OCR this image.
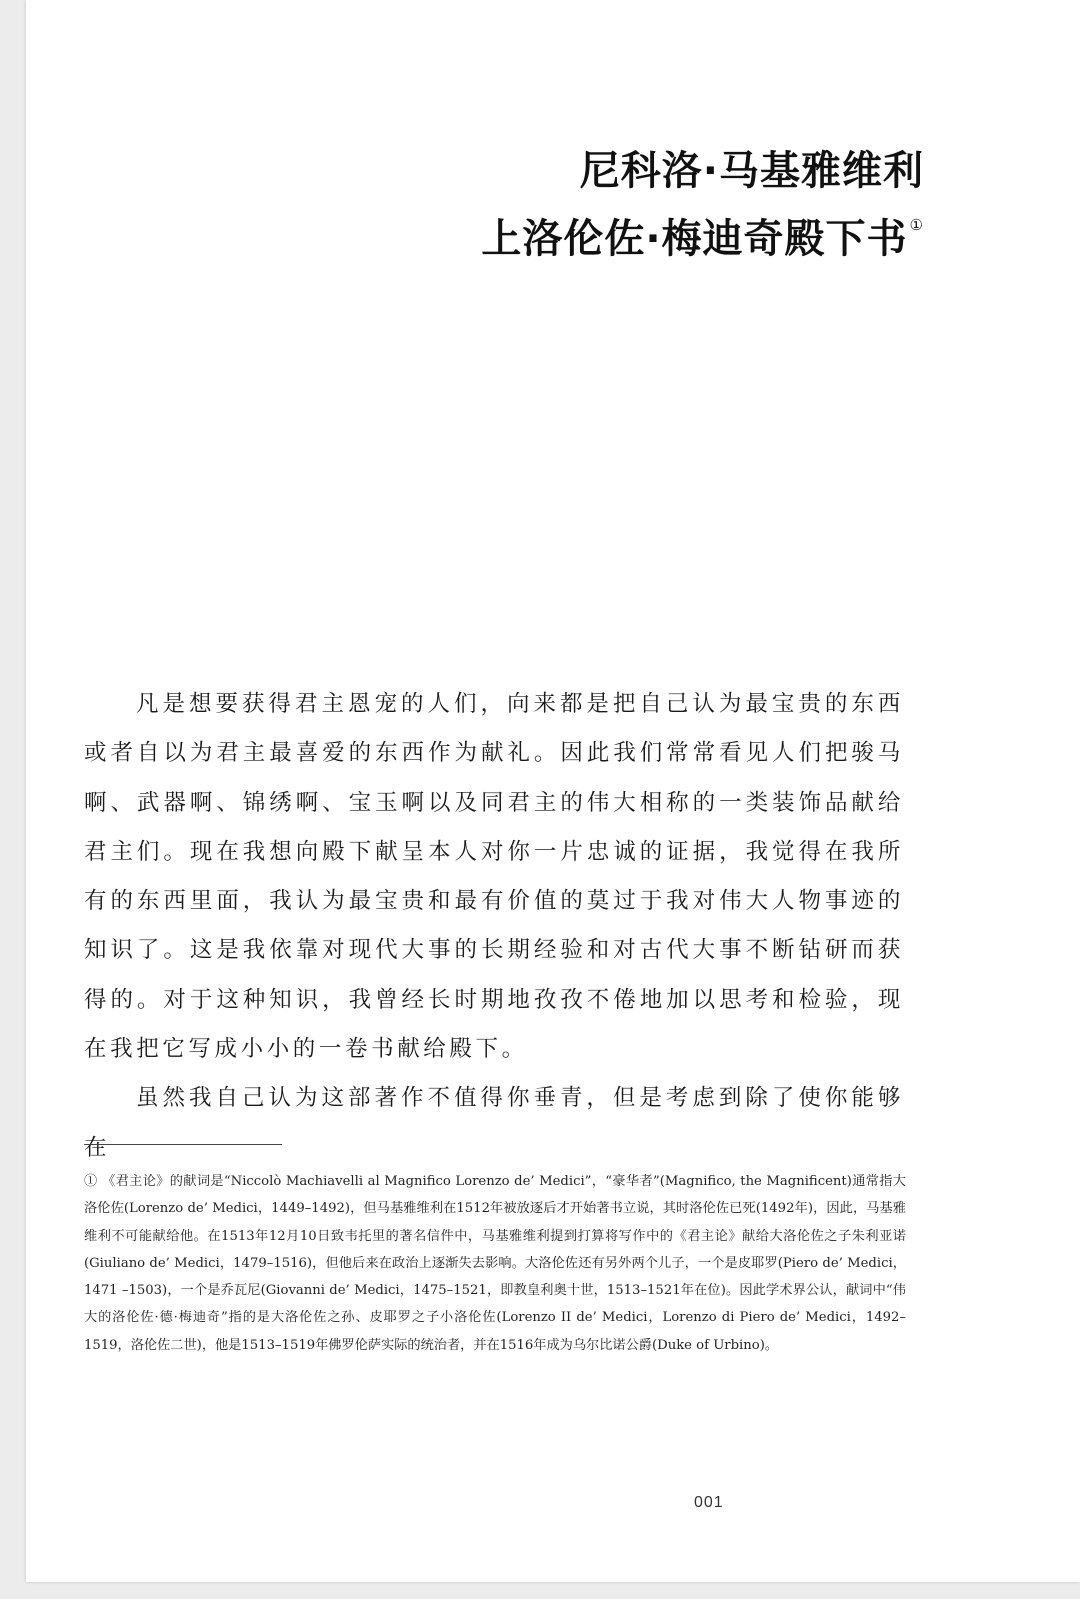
尼科洛·马基雅维利
上洛伦佐·梅迪奇殿下书 ①

凡是想要获得君主恩宠的人们，向来都是把自己认为最宝贵的东西或者自以为君主最喜爱的东西作为献礼。因此我们常常看见人们把骏马啊、武器啊、锦绣啊、宝玉啊以及同君主的伟大相称的一类装饰品献给君主们。现在我想向殿下献呈本人对你一片忠诚的证据，我觉得在我所有的东西里面，我认为最宝贵和最有价值的莫过于我对伟大人物事迹的知识了。这是我依靠对现代大事的长期经验和对古代大事不断钻研而获得的。对于这种知识，我曾经长时期地孜孜不倦地加以思考和检验，现在我把它写成小小的一卷书献给殿下。

虽然我自己认为这部著作不值得你垂青，但是考虑到除了使你能够在

① 《君主论》的献词是“Niccolò Machiavelli al Magnifico Lorenzo de’ Medici”，“豪华者”(Magnifico, the Magnificent)通常指大洛伦佐(Lorenzo de’ Medici，1449–1492)，但马基雅维利在1512年被放逐后才开始著书立说，其时洛伦佐已死(1492年)，因此，马基雅维利不可能献给他。在1513年12月10日致韦托里的著名信件中，马基雅维利提到打算将写作中的《君主论》献给大洛伦佐之子朱利亚诺(Giuliano de’ Medici，1479–1516)，但他后来在政治上逐渐失去影响。大洛伦佐还有另外两个儿子，一个是皮耶罗(Piero de’ Medici，1471 –1503)，一个是乔瓦尼(Giovanni de’ Medici，1475–1521，即教皇利奥十世，1513–1521年在位)。因此学术界公认，献词中“伟大的洛伦佐·德·梅迪奇”指的是大洛伦佐之孙、皮耶罗之子小洛伦佐(Lorenzo II de’ Medici，Lorenzo di Piero de’ Medici，1492–1519，洛伦佐二世)，他是1513–1519年佛罗伦萨实际的统治者，并在1516年成为乌尔比诺公爵(Duke of Urbino)。

001
